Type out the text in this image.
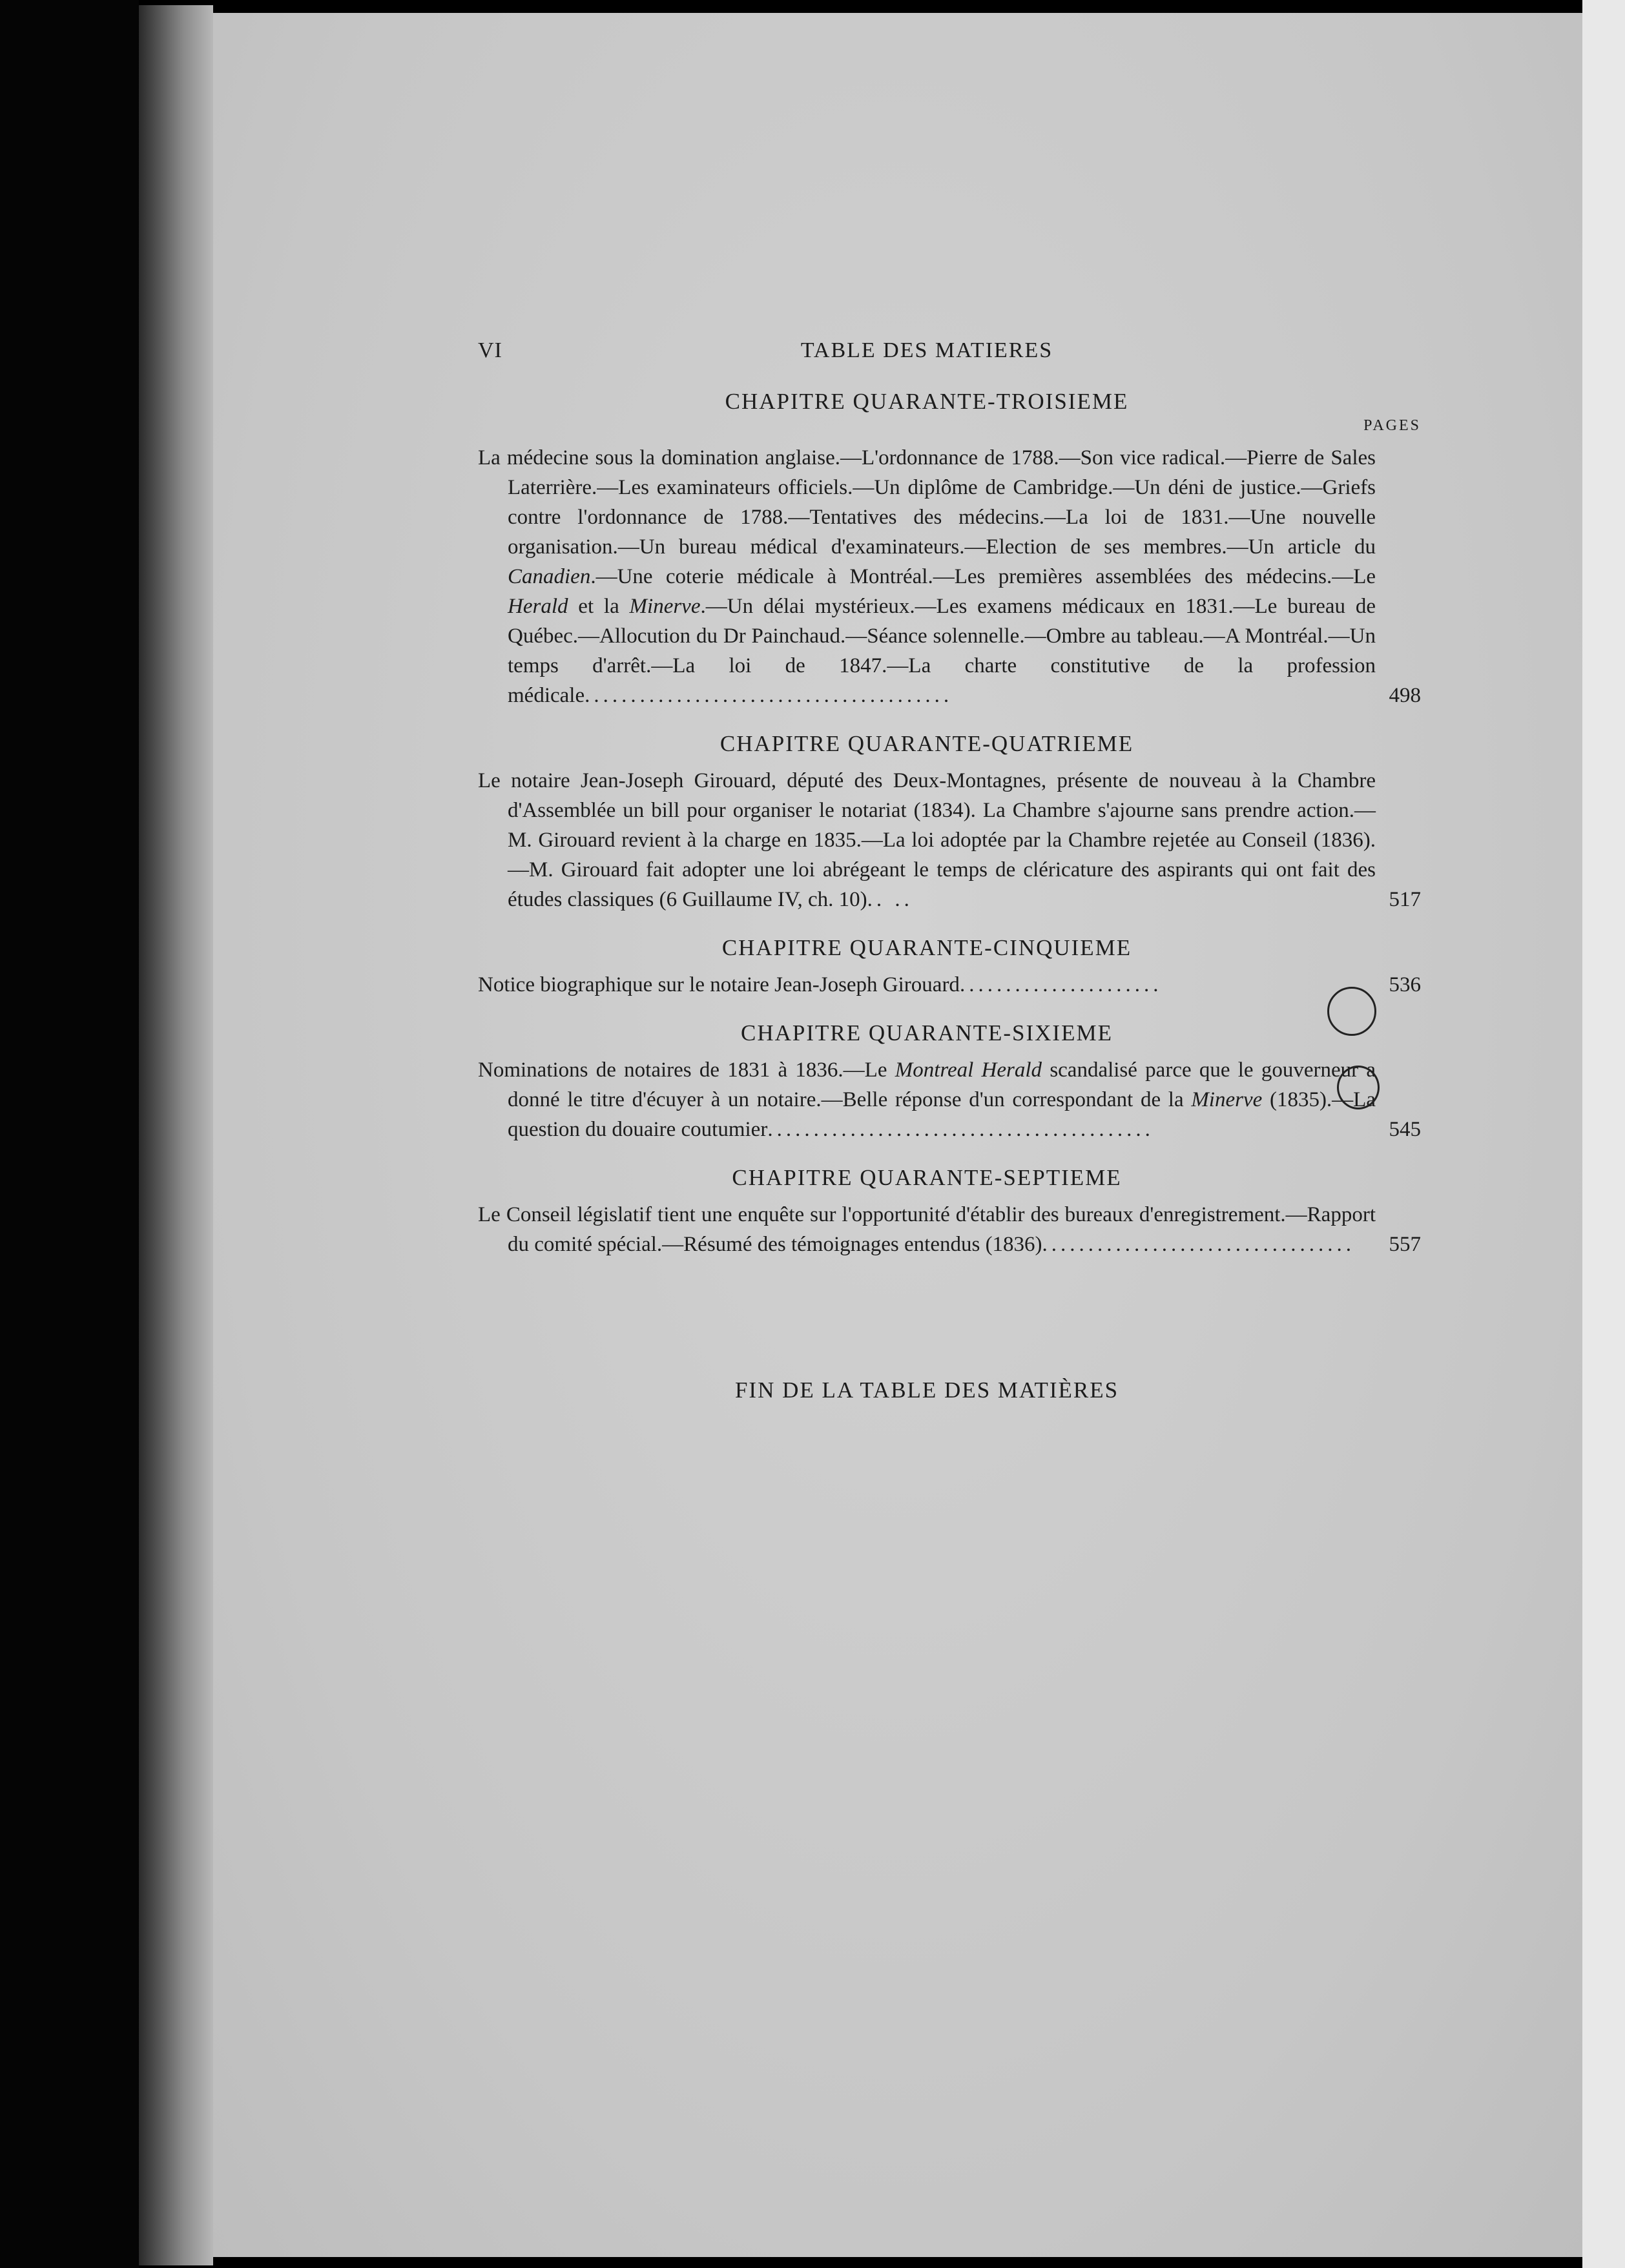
VI	TABLE DES MATIERES
CHAPITRE QUARANTE-TROISIEME
PAGES
La médecine sous la domination anglaise.—L'ordonnance de 1788.—Son vice radical.—Pierre de Sales Laterrière.—Les examinateurs officiels.—Un diplôme de Cambridge.—Un déni de justice.—Griefs contre l'ordonnance de 1788.—Tentatives des médecins.—La loi de 1831.—Une nouvelle organisation.—Un bureau médical d'examinateurs.—Election de ses membres.—Un article du Canadien.—Une coterie médicale à Montréal.—Les premières assemblées des médecins.—Le Herald et la Minerve.—Un délai mystérieux.—Les examens médicaux en 1831.—Le bureau de Québec.—Allocution du Dr Painchaud.—Séance solennelle.—Ombre au tableau.—A Montréal.—Un temps d'arrêt.—La loi de 1847.—La charte constitutive de la profession médicale........................................	498
CHAPITRE QUARANTE-QUATRIEME
Le notaire Jean-Joseph Girouard, député des Deux-Montagnes, présente de nouveau à la Chambre d'Assemblée un bill pour organiser le notariat (1834). La Chambre s'ajourne sans prendre action.—M. Girouard revient à la charge en 1835.—La loi adoptée par la Chambre rejetée au Conseil (1836). —M. Girouard fait adopter une loi abrégeant le temps de cléricature des aspirants qui ont fait des études classiques (6 Guillaume IV, ch. 10).. ..	517
CHAPITRE QUARANTE-CINQUIEME
Notice biographique sur le notaire Jean-Joseph Girouard......................	536
CHAPITRE QUARANTE-SIXIEME
Nominations de notaires de 1831 à 1836.—Le Montreal Herald scandalisé parce que le gouverneur a donné le titre d'écuyer à un notaire.—Belle réponse d'un correspondant de la Minerve (1835).—La question du douaire coutumier..........................................	545
CHAPITRE QUARANTE-SEPTIEME
Le Conseil législatif tient une enquête sur l'opportunité d'établir des bureaux d'enregistrement.—Rapport du comité spécial.—Résumé des témoignages entendus (1836).................................. 557
FIN DE LA TABLE DES MATIÈRES
